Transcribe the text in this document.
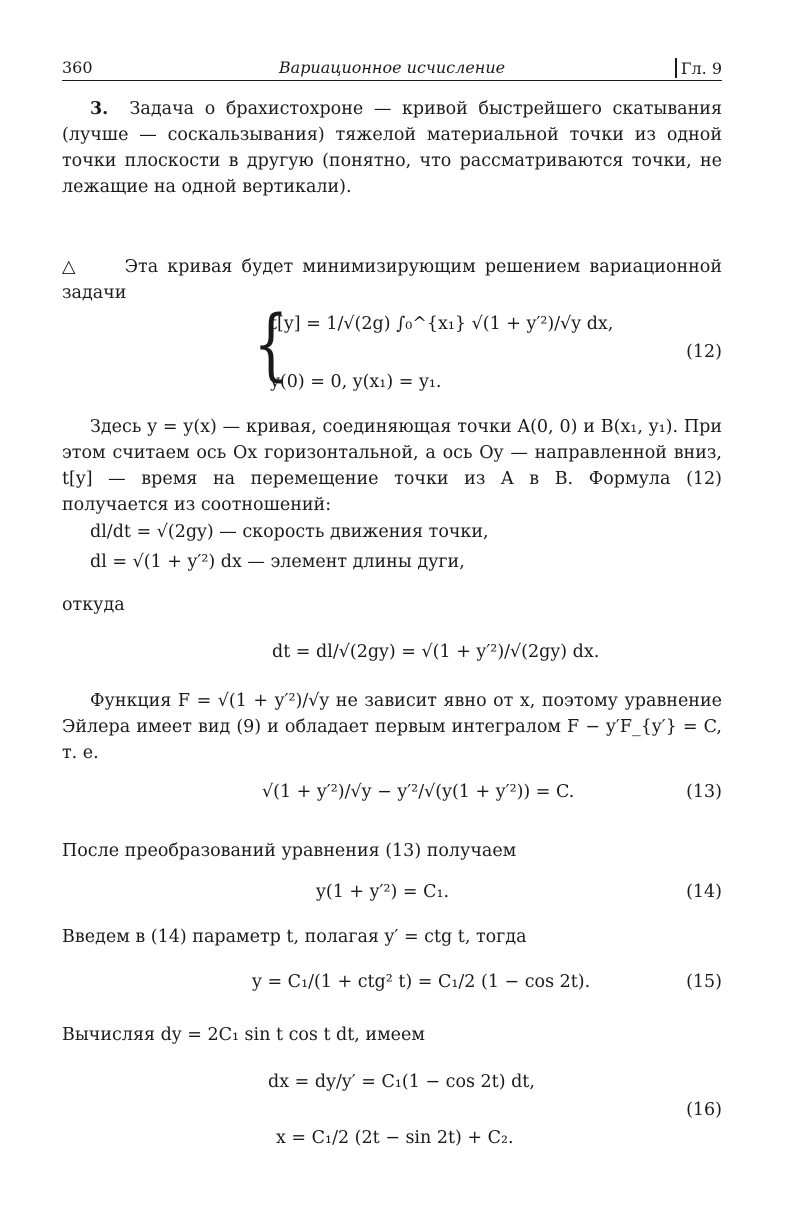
360	Вариационное исчисление	Гл. 9
3. Задача о брахистохроне — кривой быстрейшего скатывания (лучше — соскальзывания) тяжелой материальной точки из одной точки плоскости в другую (понятно, что рассматриваются точки, не лежащие на одной вертикали).
△	Эта кривая будет минимизирующим решением вариационной задачи
{
t[y] = 1/√(2g) ∫₀^{x₁} √(1 + y′²)/√y dx,
y(0) = 0, y(x₁) = y₁.
(12)
Здесь y = y(x) — кривая, соединяющая точки A(0, 0) и B(x₁, y₁). При этом считаем ось Ox горизонтальной, а ось Oy — направленной вниз, t[y] — время на перемещение точки из A в B. Формула (12) получается из соотношений:
dl/dt = √(2gy) — скорость движения точки,
dl = √(1 + y′²) dx — элемент длины дуги,
откуда
dt = dl/√(2gy) = √(1 + y′²)/√(2gy) dx.
Функция F = √(1 + y′²)/√y не зависит явно от x, поэтому уравнение Эйлера имеет вид (9) и обладает первым интегралом F − y′F_{y′} = C, т. е.
√(1 + y′²)/√y − y′²/√(y(1 + y′²)) = C.	(13)
После преобразований уравнения (13) получаем
y(1 + y′²) = C₁.	(14)
Введем в (14) параметр t, полагая y′ = ctg t, тогда
y = C₁/(1 + ctg² t) = C₁/2 (1 − cos 2t).	(15)
Вычисляя dy = 2C₁ sin t cos t dt, имеем
dx = dy/y′ = C₁(1 − cos 2t) dt,
x = C₁/2 (2t − sin 2t) + C₂.
(16)
